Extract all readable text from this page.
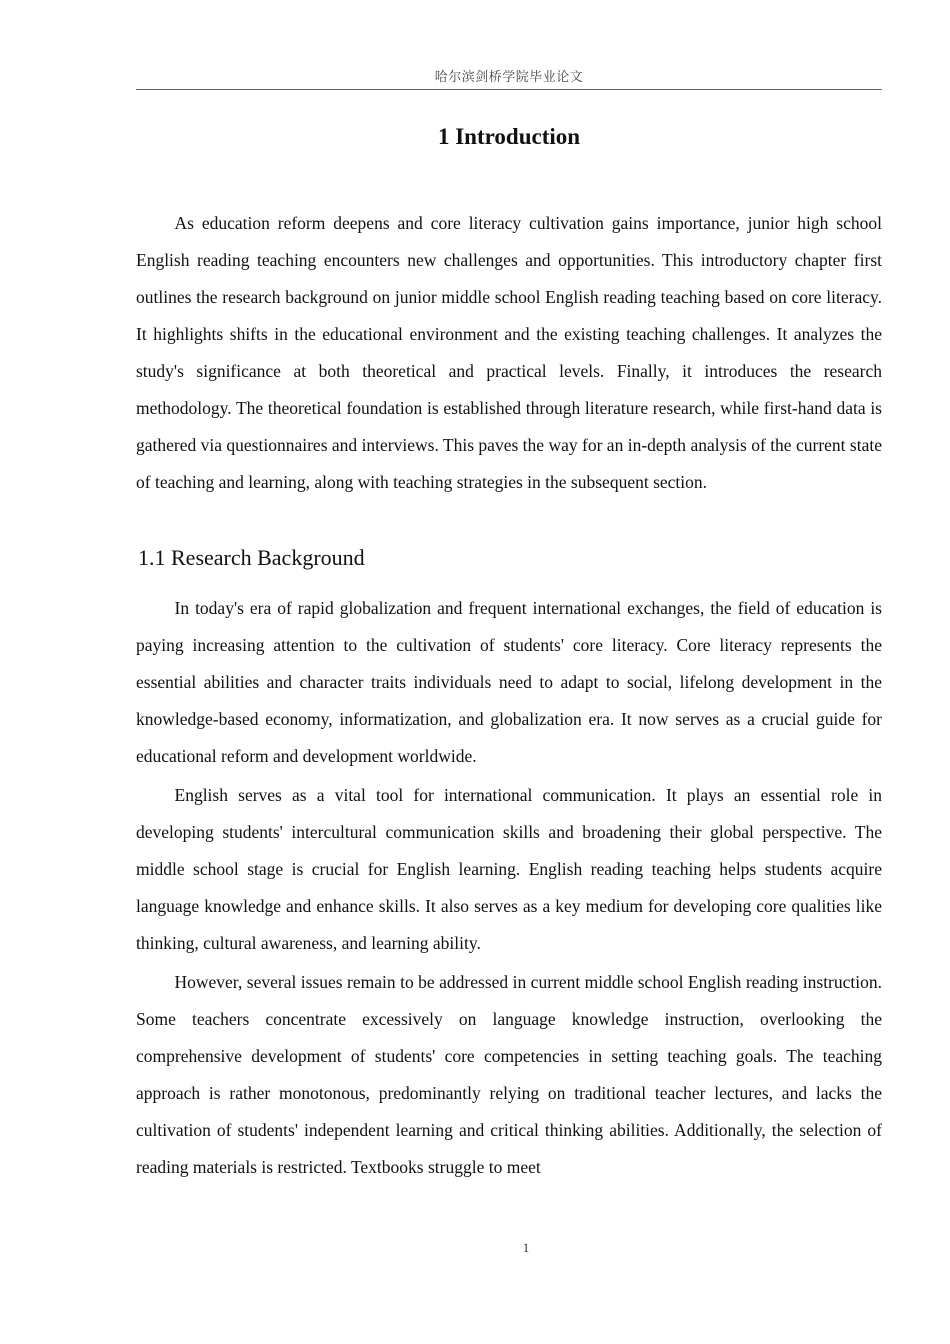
哈尔滨剑桥学院毕业论文
1 Introduction

As education reform deepens and core literacy cultivation gains importance, junior high school English reading teaching encounters new challenges and opportunities. This introductory chapter first outlines the research background on junior middle school English reading teaching based on core literacy. It highlights shifts in the educational environment and the existing teaching challenges. It analyzes the study's significance at both theoretical and practical levels. Finally, it introduces the research methodology. The theoretical foundation is established through literature research, while first-hand data is gathered via questionnaires and interviews. This paves the way for an in-depth analysis of the current state of teaching and learning, along with teaching strategies in the subsequent section.

1.1 Research Background

In today's era of rapid globalization and frequent international exchanges, the field of education is paying increasing attention to the cultivation of students' core literacy. Core literacy represents the essential abilities and character traits individuals need to adapt to social, lifelong development in the knowledge-based economy, informatization, and globalization era. It now serves as a crucial guide for educational reform and development worldwide.

English serves as a vital tool for international communication. It plays an essential role in developing students' intercultural communication skills and broadening their global perspective. The middle school stage is crucial for English learning. English reading teaching helps students acquire language knowledge and enhance skills. It also serves as a key medium for developing core qualities like thinking, cultural awareness, and learning ability.

However, several issues remain to be addressed in current middle school English reading instruction. Some teachers concentrate excessively on language knowledge instruction, overlooking the comprehensive development of students' core competencies in setting teaching goals. The teaching approach is rather monotonous, predominantly relying on traditional teacher lectures, and lacks the cultivation of students' independent learning and critical thinking abilities. Additionally, the selection of reading materials is restricted. Textbooks struggle to meet

1
